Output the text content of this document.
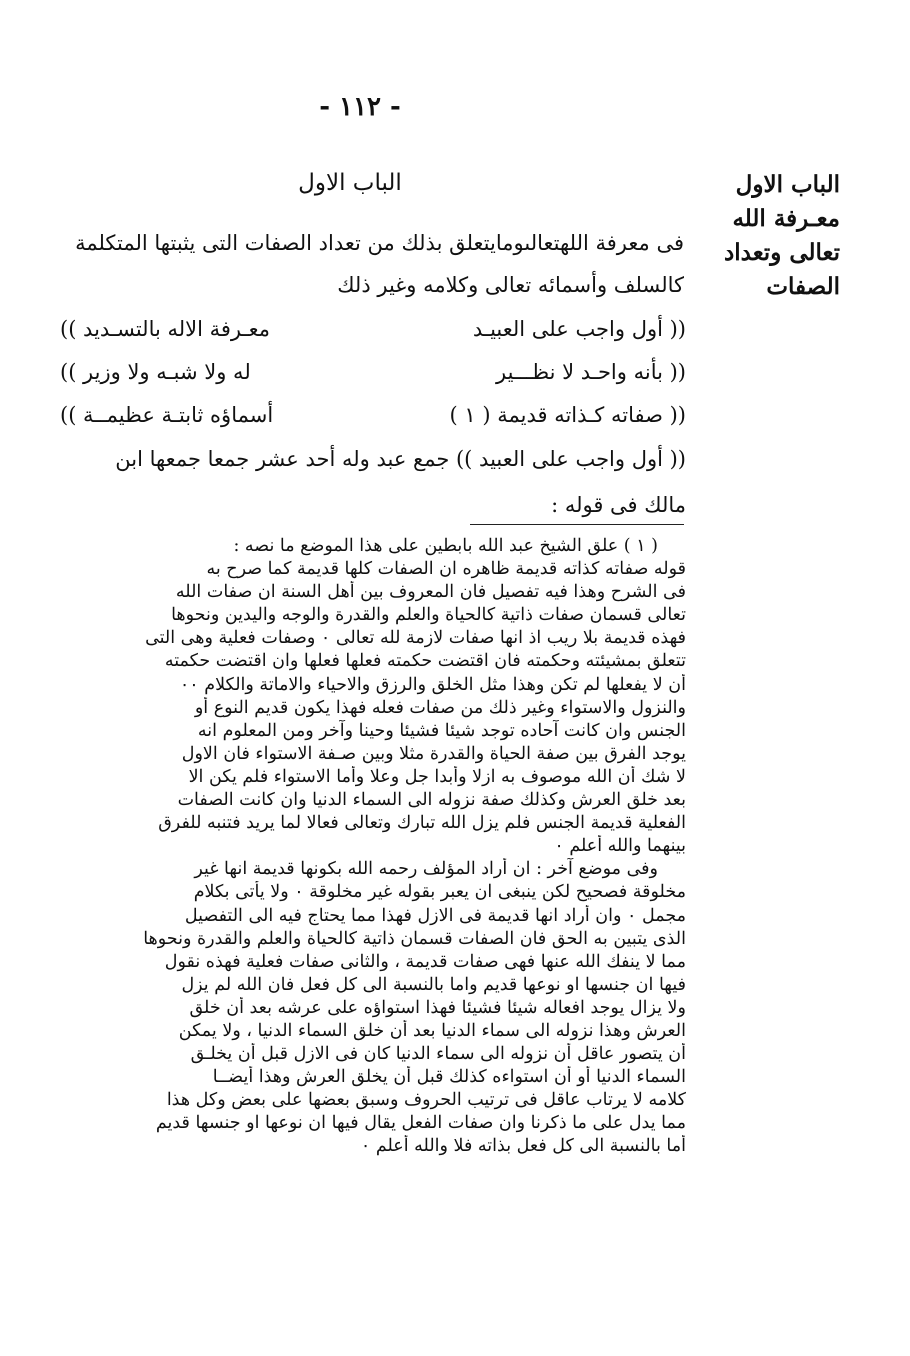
- ١١٢ -
الباب الاول
معـرفة الله
تعالى وتعداد
الصفات
الباب الاول
فى معرفة اللهتعالىومايتعلق بذلك من تعداد الصفات التى يثبتها المتكلمة
كالسلف وأسمائه تعالى وكلامه وغير ذلك
(( أول واجب على العبيـد
معـرفة الاله بالتسـديد ))
(( بأنه واحـد لا نظـــير
له ولا شبـه ولا وزير ))
(( صفاته كـذاته قديمة ( ١ )
أسماؤه ثابتـة عظيمــة ))
(( أول واجب على العبيد )) جمع عبد وله أحد عشر جمعا جمعها ابن
مالك فى قوله :
( ١ ) علق الشيخ عبد الله بابطين على هذا الموضع ما نصه :
قوله صفاته كذاته قديمة ظاهره ان الصفات كلها قديمة كما صرح به
فى الشرح وهذا فيه تفصيل فان المعروف بين أهل السنة ان صفات الله
تعالى قسمان صفات ذاتية كالحياة والعلم والقدرة والوجه واليدين ونحوها
فهذه قديمة بلا ريب اذ انها صفات لازمة لله تعالى ٠ وصفات فعلية وهى التى
تتعلق بمشيئته وحكمته فان اقتضت حكمته فعلها فعلها وان اقتضت حكمته
أن لا يفعلها لم تكن وهذا مثل الخلق والرزق والاحياء والاماتة والكلام ٠٠
والنزول والاستواء وغير ذلك من صفات فعله فهذا يكون قديم النوع أو
الجنس وان كانت آحاده توجد شيئا فشيئا وحينا وآخر ومن المعلوم انه
يوجد الفرق بين صفة الحياة والقدرة مثلا وبين صـفة الاستواء فان الاول
لا شك أن الله موصوف به ازلا وأبدا جل وعلا وأما الاستواء فلم يكن الا
بعد خلق العرش وكذلك صفة نزوله الى السماء الدنيا وان كانت الصفات
الفعلية قديمة الجنس فلم يزل الله تبارك وتعالى فعالا لما يريد فتنبه للفرق
بينهما والله أعلم ٠
وفى موضع آخر : ان أراد المؤلف رحمه الله بكونها قديمة انها غير
مخلوقة فصحيح لكن ينبغى ان يعبر بقوله غير مخلوقة ٠ ولا يأتى بكلام
مجمل ٠ وان أراد انها قديمة فى الازل فهذا مما يحتاج فيه الى التفصيل
الذى يتبين به الحق فان الصفات قسمان ذاتية كالحياة والعلم والقدرة ونحوها
مما لا ينفك الله عنها فهى صفات قديمة ، والثانى صفات فعلية فهذه نقول
فيها ان جنسها او نوعها قديم واما بالنسبة الى كل فعل فان الله لم يزل
ولا يزال يوجد افعاله شيئا فشيئا فهذا استواؤه على عرشه بعد أن خلق
العرش وهذا نزوله الى سماء الدنيا بعد أن خلق السماء الدنيا ، ولا يمكن
أن يتصور عاقل أن نزوله الى سماء الدنيا كان فى الازل قبل أن يخلـق
السماء الدنيا أو أن استواءه كذلك قبل أن يخلق العرش وهذا أيضــا
كلامه لا يرتاب عاقل فى ترتيب الحروف وسبق بعضها على بعض وكل هذا
مما يدل على ما ذكرنا وان صفات الفعل يقال فيها ان نوعها او جنسها قديم
أما بالنسبة الى كل فعل بذاته فلا والله أعلم ٠
